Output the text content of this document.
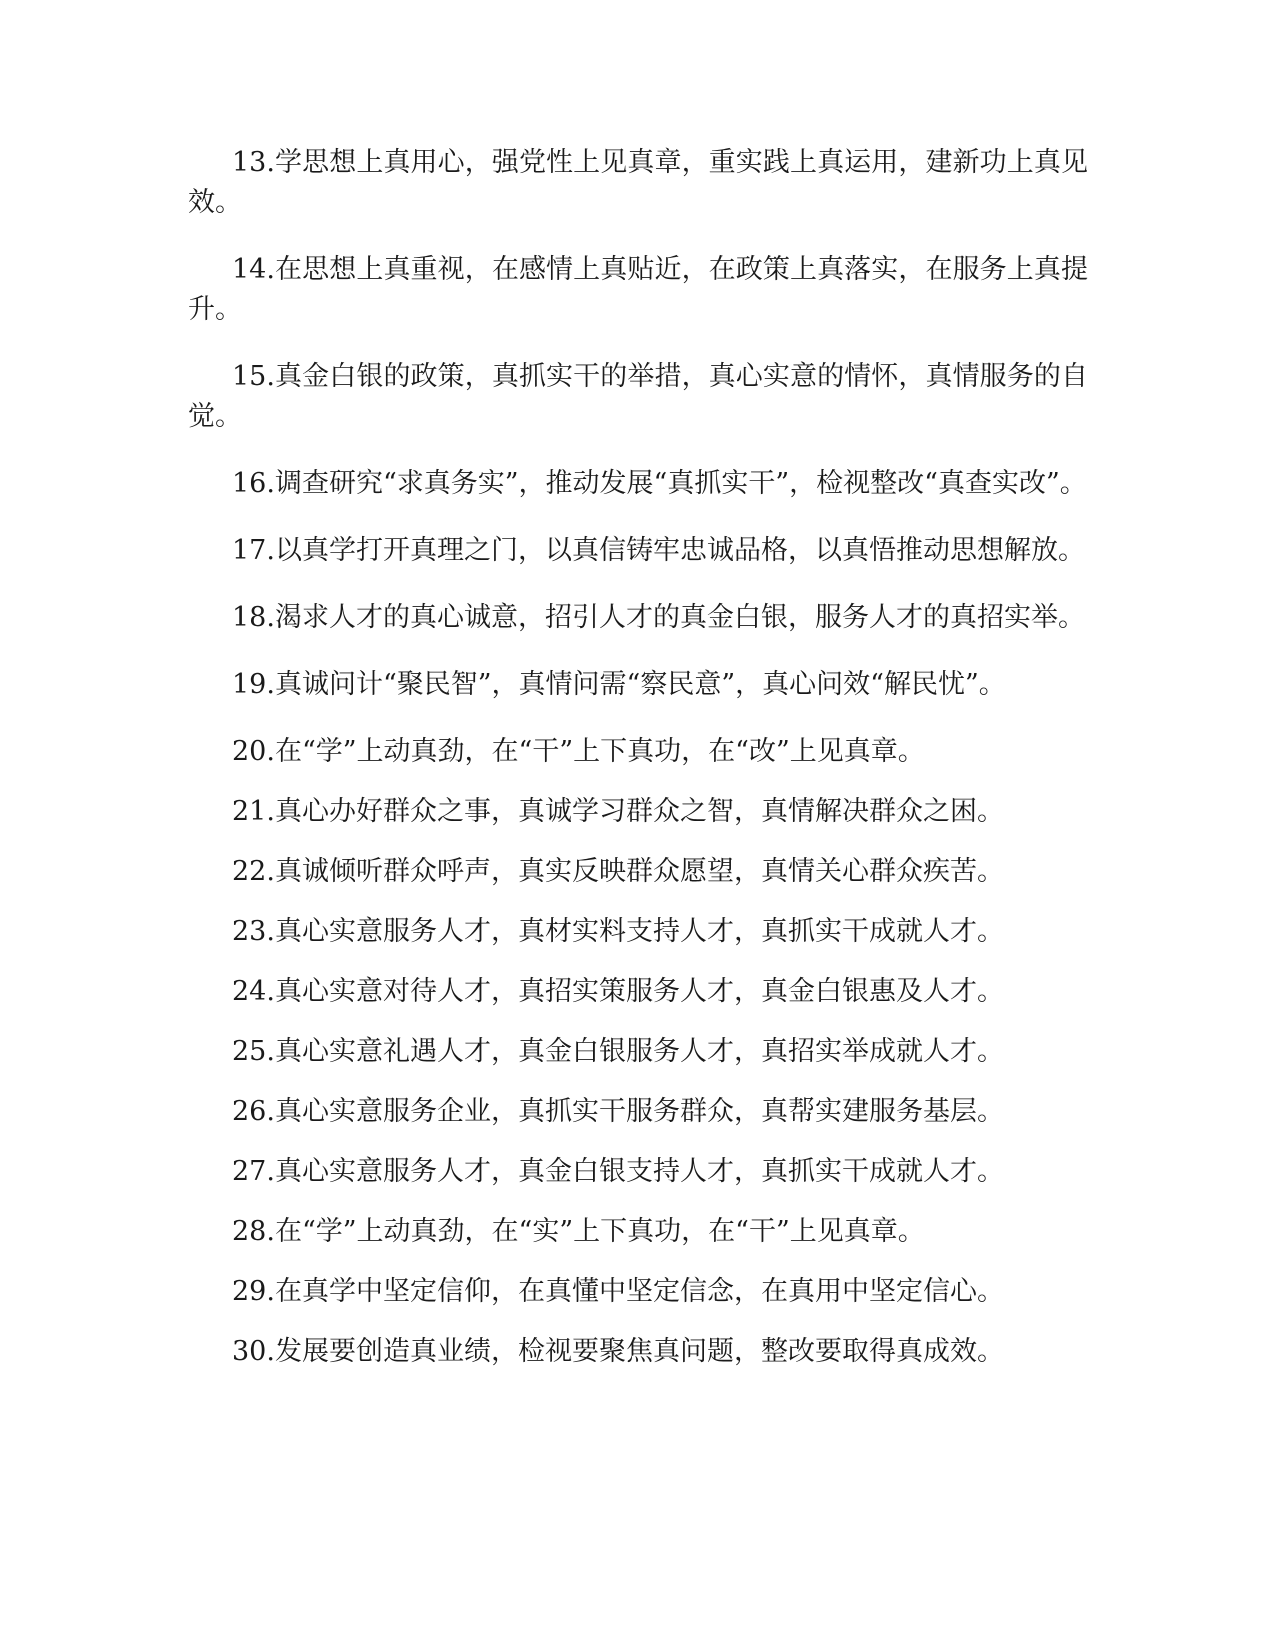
13.学思想上真用心，强党性上见真章，重实践上真运用，建新功上真见效。

14.在思想上真重视，在感情上真贴近，在政策上真落实，在服务上真提升。

15.真金白银的政策，真抓实干的举措，真心实意的情怀，真情服务的自觉。

16.调查研究“求真务实”，推动发展“真抓实干”，检视整改“真查实改”。

17.以真学打开真理之门，以真信铸牢忠诚品格，以真悟推动思想解放。

18.渴求人才的真心诚意，招引人才的真金白银，服务人才的真招实举。

19.真诚问计“聚民智”，真情问需“察民意”，真心问效“解民忧”。

20.在“学”上动真劲，在“干”上下真功，在“改”上见真章。

21.真心办好群众之事，真诚学习群众之智，真情解决群众之困。

22.真诚倾听群众呼声，真实反映群众愿望，真情关心群众疾苦。

23.真心实意服务人才，真材实料支持人才，真抓实干成就人才。

24.真心实意对待人才，真招实策服务人才，真金白银惠及人才。

25.真心实意礼遇人才，真金白银服务人才，真招实举成就人才。

26.真心实意服务企业，真抓实干服务群众，真帮实建服务基层。

27.真心实意服务人才，真金白银支持人才，真抓实干成就人才。

28.在“学”上动真劲，在“实”上下真功，在“干”上见真章。

29.在真学中坚定信仰，在真懂中坚定信念，在真用中坚定信心。

30.发展要创造真业绩，检视要聚焦真问题，整改要取得真成效。
